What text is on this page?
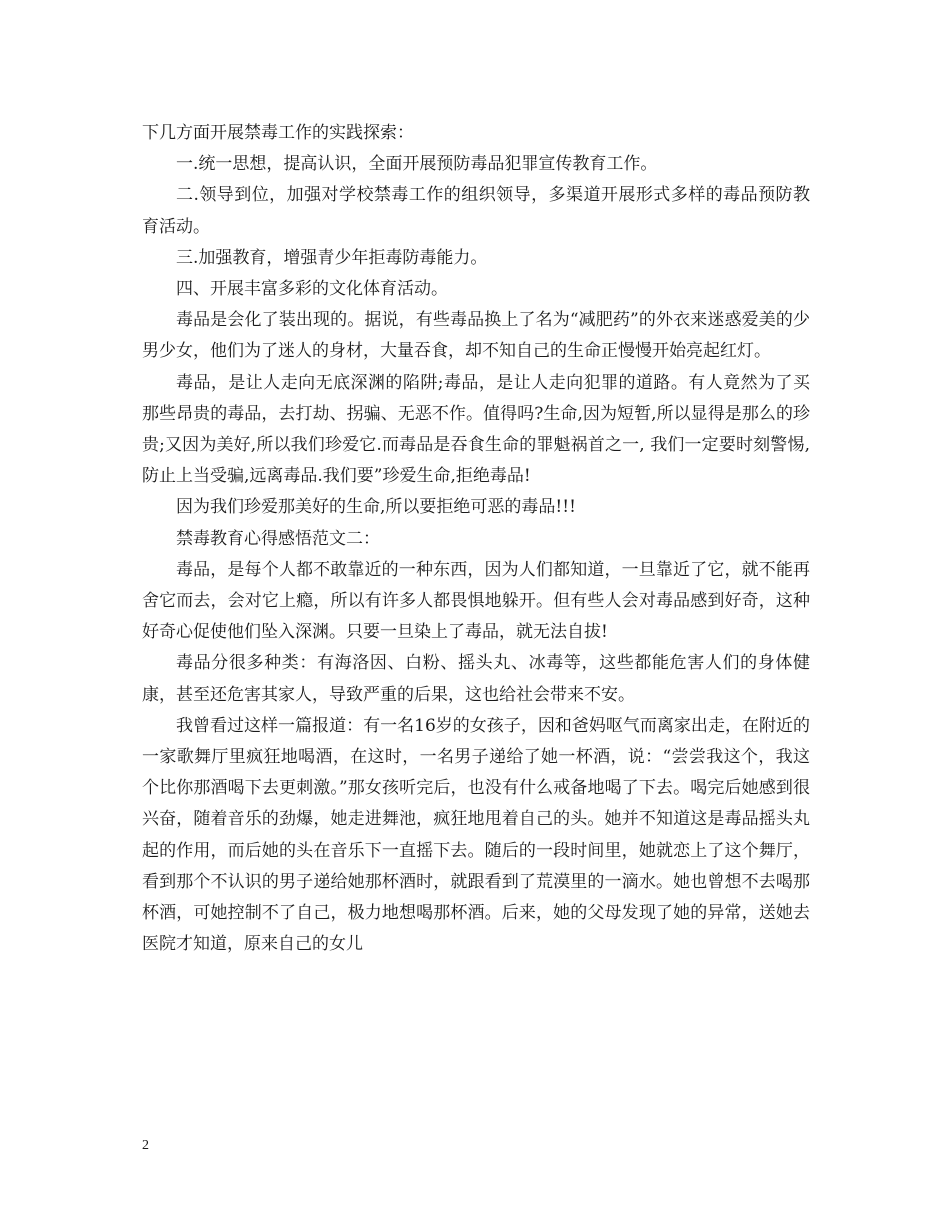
下几方面开展禁毒工作的实践探索：

一.统一思想，提高认识，全面开展预防毒品犯罪宣传教育工作。

二.领导到位，加强对学校禁毒工作的组织领导，多渠道开展形式多样的毒品预防教育活动。

三.加强教育，增强青少年拒毒防毒能力。

四、开展丰富多彩的文化体育活动。

毒品是会化了装出现的。据说，有些毒品换上了名为“减肥药”的外衣来迷惑爱美的少男少女，他们为了迷人的身材，大量吞食，却不知自己的生命正慢慢开始亮起红灯。

毒品，是让人走向无底深渊的陷阱;毒品，是让人走向犯罪的道路。有人竟然为了买那些昂贵的毒品，去打劫、拐骗、无恶不作。值得吗?生命,因为短暂,所以显得是那么的珍贵;又因为美好,所以我们珍爱它.而毒品是吞食生命的罪魁祸首之一, 我们一定要时刻警惕,防止上当受骗,远离毒品.我们要”珍爱生命,拒绝毒品!

因为我们珍爱那美好的生命,所以要拒绝可恶的毒品!!!

禁毒教育心得感悟范文二：

毒品，是每个人都不敢靠近的一种东西，因为人们都知道，一旦靠近了它，就不能再舍它而去，会对它上瘾，所以有许多人都畏惧地躲开。但有些人会对毒品感到好奇，这种好奇心促使他们坠入深渊。只要一旦染上了毒品，就无法自拔!

毒品分很多种类：有海洛因、白粉、摇头丸、冰毒等，这些都能危害人们的身体健康，甚至还危害其家人，导致严重的后果，这也给社会带来不安。

我曾看过这样一篇报道：有一名16岁的女孩子，因和爸妈呕气而离家出走，在附近的一家歌舞厅里疯狂地喝酒，在这时，一名男子递给了她一杯酒，说：“尝尝我这个，我这个比你那酒喝下去更刺激。”那女孩听完后，也没有什么戒备地喝了下去。喝完后她感到很兴奋，随着音乐的劲爆，她走进舞池，疯狂地甩着自己的头。她并不知道这是毒品摇头丸起的作用，而后她的头在音乐下一直摇下去。随后的一段时间里，她就恋上了这个舞厅，看到那个不认识的男子递给她那杯酒时，就跟看到了荒漠里的一滴水。她也曾想不去喝那杯酒，可她控制不了自己，极力地想喝那杯酒。后来，她的父母发现了她的异常，送她去医院才知道，原来自己的女儿

2
